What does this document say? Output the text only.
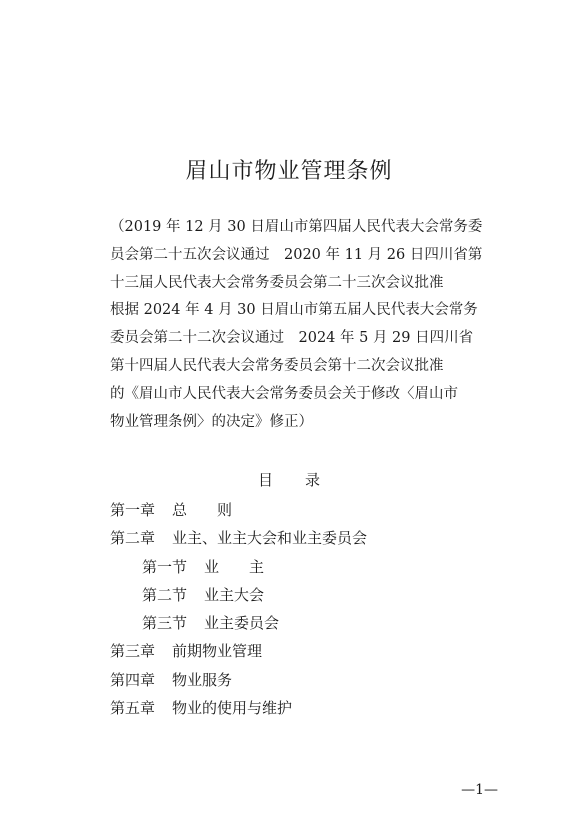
眉山市物业管理条例
（2019 年 12 月 30 日眉山市第四届人民代表大会常务委
员会第二十五次会议通过　2020 年 11 月 26 日四川省第
十三届人民代表大会常务委员会第二十三次会议批准
根据 2024 年 4 月 30 日眉山市第五届人民代表大会常务
委员会第二十二次会议通过　2024 年 5 月 29 日四川省
第十四届人民代表大会常务委员会第十二次会议批准
的《眉山市人民代表大会常务委员会关于修改〈眉山市
物业管理条例〉的决定》修正）
目 录
第一章 总　　则
第二章 业主、业主大会和业主委员会
第一节 业　　主
第二节 业主大会
第三节 业主委员会
第三章 前期物业管理
第四章 物业服务
第五章 物业的使用与维护
—1—
